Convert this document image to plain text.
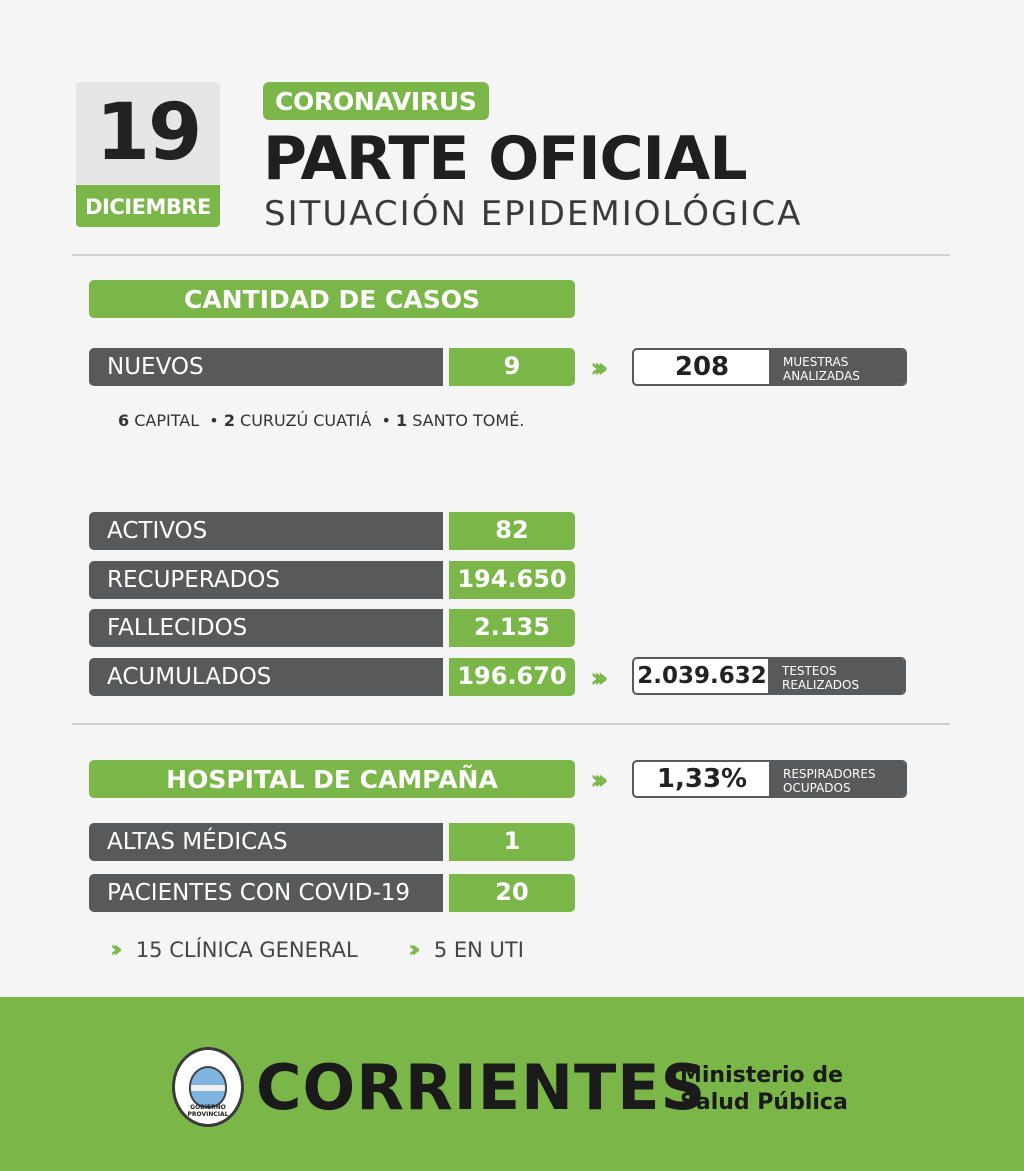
19
DICIEMBRE
CORONAVIRUS
PARTE OFICIAL
SITUACIÓN EPIDEMIOLÓGICA
CANTIDAD DE CASOS
NUEVOS	9	›››	208	MUESTRAS
ANALIZADAS
6 CAPITAL  • 2 CURUZÚ CUATIÁ  • 1 SANTO TOMÉ.
ACTIVOS	82
RECUPERADOS	194.650
FALLECIDOS	2.135
ACUMULADOS	196.670 ››› 2.039.632 TESTEOS
REALIZADOS
HOSPITAL DE CAMPAÑA	›››	1,33%	RESPIRADORES
OCUPADOS
ALTAS MÉDICAS	1
PACIENTES CON COVID-19	20
›› 15 CLÍNICA GENERAL ›› 5 EN UTI
GOBIERNO PROVINCIAL CORRIENTES
Ministerio de
Salud Pública
